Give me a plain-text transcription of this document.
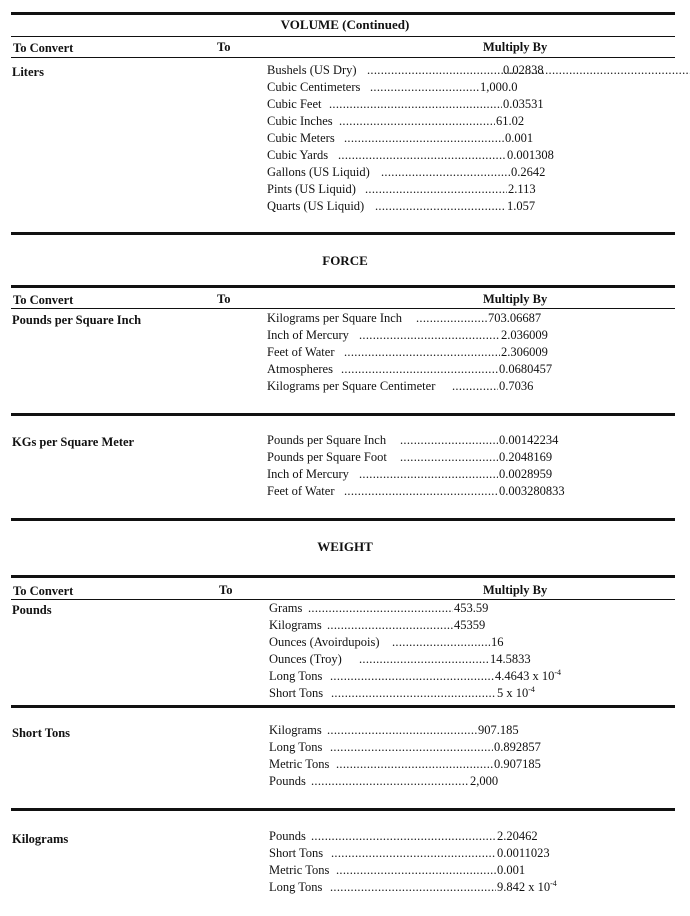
VOLUME (Continued)
To Convert	To	Multiply By
Liters	Bushels (US Dry) .....	0.02838
Cubic Centimeters .....	1,000.0
Cubic Feet .....	0.03531
Cubic Inches .....	61.02
Cubic Meters .....	0.001
Cubic Yards .....	0.001308
Gallons (US Liquid) .....	0.2642
Pints (US Liquid) .....	2.113
Quarts (US Liquid) .....	1.057
FORCE
To Convert	To	Multiply By
Pounds per Square Inch	Kilograms per Square Inch .....	703.06687
Inch of Mercury .....	2.036009
Feet of Water .....	2.306009
Atmospheres .....	0.0680457
Kilograms per Square Centimeter .....	0.7036
KGs per Square Meter	Pounds per Square Inch .....	0.00142234
Pounds per Square Foot .....	0.2048169
Inch of Mercury .....	0.0028959
Feet of Water .....	0.003280833
WEIGHT
To Convert	To	Multiply By
Pounds	Grams .....	453.59
Kilograms .....	45359
Ounces (Avoirdupois) .....	16
Ounces (Troy) .....	14.5833
Long Tons .....	4.4643 x $10^{-4}$
Short Tons .....	5 x $10^{-4}$
Short Tons	Kilograms .....	907.185
Long Tons .....	0.892857
Metric Tons .....	0.907185
Pounds .....	2,000
Kilograms	Pounds .....	2.20462
Short Tons .....	0.0011023
Metric Tons .....	0.001
Long Tons .....	9.842 x $10^{-4}$
